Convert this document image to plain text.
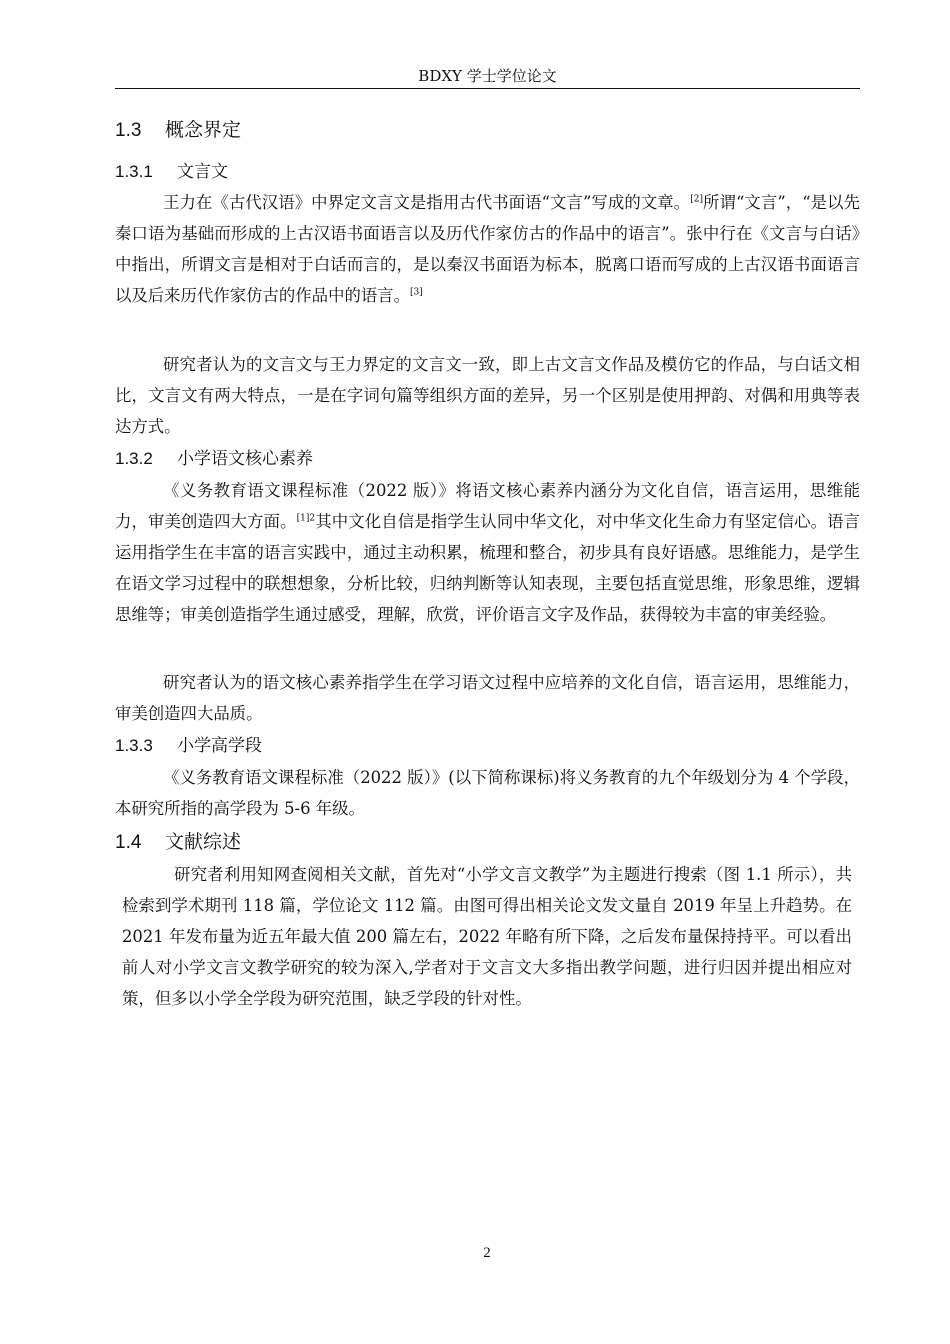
BDXY 学士学位论文
1.3 概念界定
1.3.1 文言文

王力在《古代汉语》中界定文言文是指用古代书面语“文言”写成的文章。[2]所谓“文言”，“是以先秦口语为基础而形成的上古汉语书面语言以及历代作家仿古的作品中的语言”。张中行在《文言与白话》中指出，所谓文言是相对于白话而言的，是以秦汉书面语为标本，脱离口语而写成的上古汉语书面语言以及后来历代作家仿古的作品中的语言。[3]

研究者认为的文言文与王力界定的文言文一致，即上古文言文作品及模仿它的作品，与白话文相比，文言文有两大特点，一是在字词句篇等组织方面的差异，另一个区别是使用押韵、对偶和用典等表达方式。

1.3.2 小学语文核心素养

《义务教育语文课程标准（2022 版）》将语文核心素养内涵分为文化自信，语言运用，思维能力，审美创造四大方面。$^{[1]2}$其中文化自信是指学生认同中华文化，对中华文化生命力有坚定信心。语言运用指学生在丰富的语言实践中，通过主动积累，梳理和整合，初步具有良好语感。思维能力，是学生在语文学习过程中的联想想象，分析比较，归纳判断等认知表现，主要包括直觉思维，形象思维，逻辑思维等；审美创造指学生通过感受，理解，欣赏，评价语言文字及作品，获得较为丰富的审美经验。

研究者认为的语文核心素养指学生在学习语文过程中应培养的文化自信，语言运用，思维能力，审美创造四大品质。

1.3.3 小学高学段

《义务教育语文课程标准（2022 版）》(以下简称课标)将义务教育的九个年级划分为 4 个学段，本研究所指的高学段为 5-6 年级。

1.4 文献综述

研究者利用知网查阅相关文献，首先对“小学文言文教学”为主题进行搜索（图 1.1 所示），共检索到学术期刊 118 篇，学位论文 112 篇。由图可得出相关论文发文量自 2019 年呈上升趋势。在 2021 年发布量为近五年最大值 200 篇左右，2022 年略有所下降，之后发布量保持持平。可以看出前人对小学文言文教学研究的较为深入,学者对于文言文大多指出教学问题，进行归因并提出相应对策，但多以小学全学段为研究范围，缺乏学段的针对性。

2
